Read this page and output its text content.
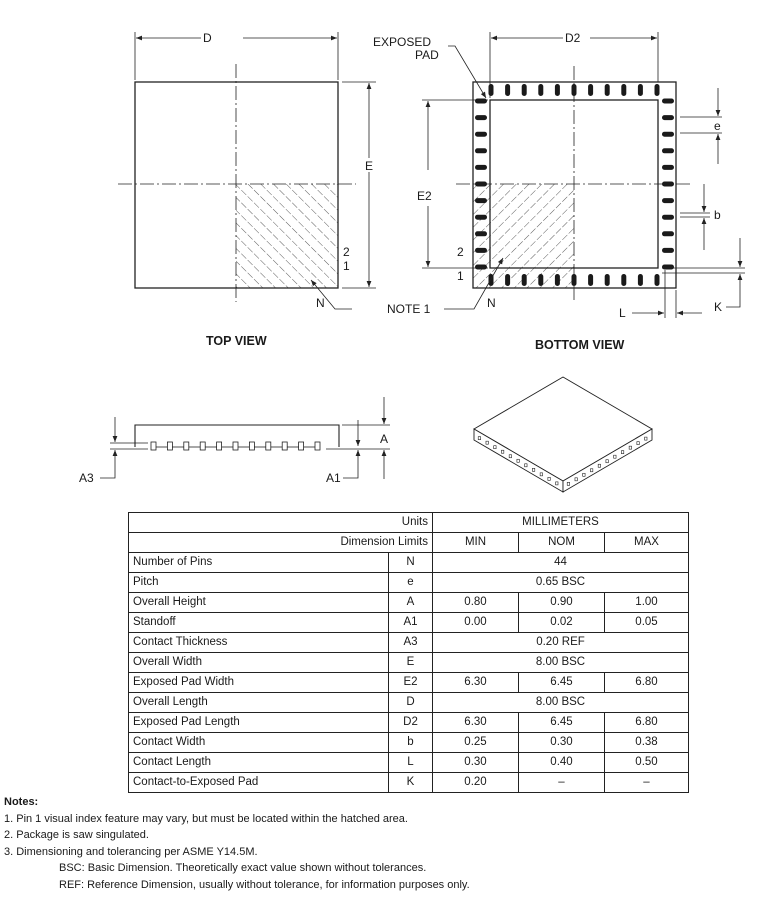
D
E
2
1
N
TOP VIEW
EXPOSED
PAD
D2
E2
e
b
2
1
N
NOTE 1	L	K
BOTTOM VIEW
A
A1
A3
Units		MILLIMETERS		
Dimension Limits		MIN	NOM	MAX
Number of Pins	N	44		
Pitch	e	0.65 BSC		
Overall Height	A	0.80	0.90	1.00
Standoff	A1	0.00	0.02	0.05
Contact Thickness	A3	0.20 REF		
Overall Width	E	8.00 BSC		
Exposed Pad Width	E2	6.30	6.45	6.80
Overall Length	D	8.00 BSC		
Exposed Pad Length	D2	6.30	6.45	6.80
Contact Width	b	0.25	0.30	0.38
Contact Length	L	0.30	0.40	0.50
Contact-to-Exposed Pad	K	0.20	–	–
Notes:
1. Pin 1 visual index feature may vary, but must be located within the hatched area.
2. Package is saw singulated.
3. Dimensioning and tolerancing per ASME Y14.5M.
BSC: Basic Dimension. Theoretically exact value shown without tolerances.
REF: Reference Dimension, usually without tolerance, for information purposes only.
